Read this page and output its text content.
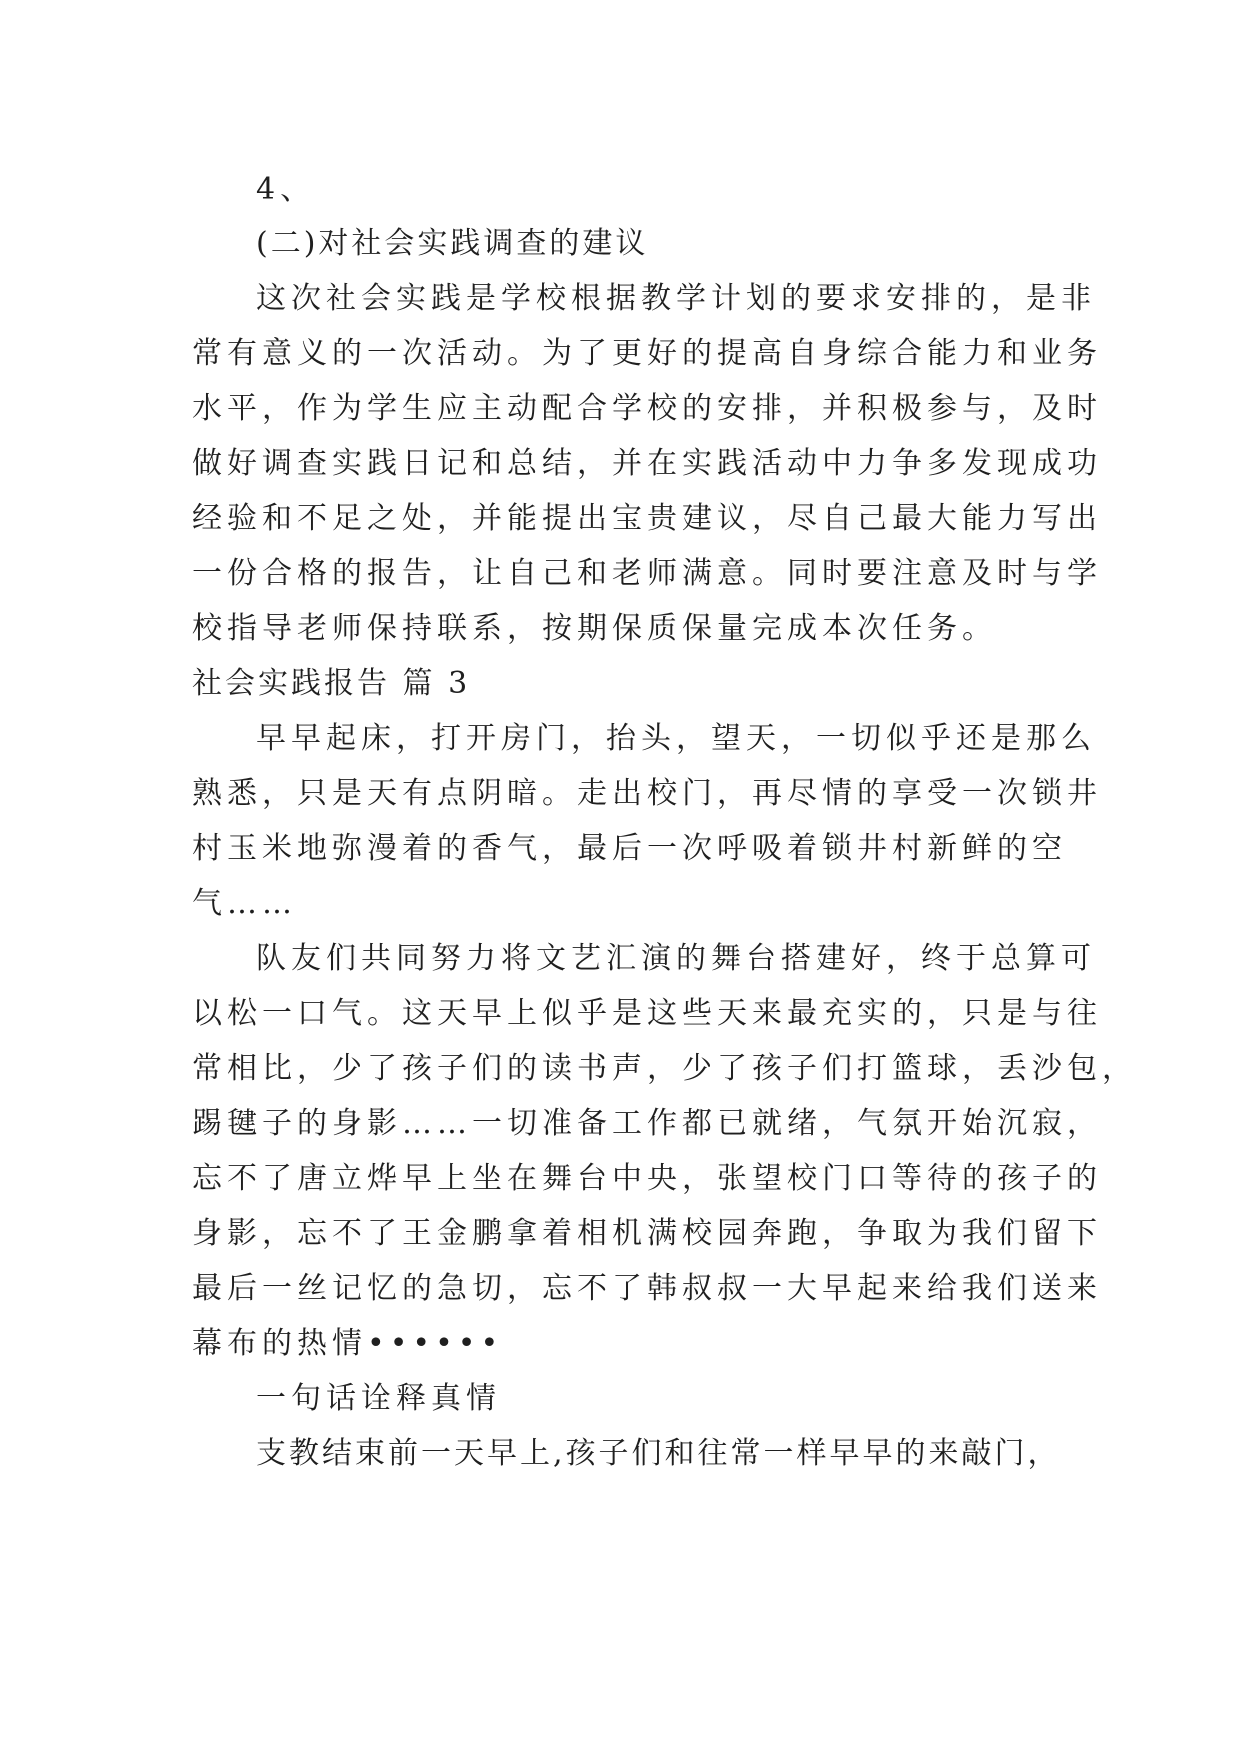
4、
(二)对社会实践调查的建议
这次社会实践是学校根据教学计划的要求安排的，是非
常有意义的一次活动。为了更好的提高自身综合能力和业务
水平，作为学生应主动配合学校的安排，并积极参与，及时
做好调查实践日记和总结，并在实践活动中力争多发现成功
经验和不足之处，并能提出宝贵建议，尽自己最大能力写出
一份合格的报告，让自己和老师满意。同时要注意及时与学
校指导老师保持联系，按期保质保量完成本次任务。
社会实践报告 篇 3
早早起床，打开房门，抬头，望天，一切似乎还是那么
熟悉，只是天有点阴暗。走出校门，再尽情的享受一次锁井
村玉米地弥漫着的香气，最后一次呼吸着锁井村新鲜的空
气……
队友们共同努力将文艺汇演的舞台搭建好，终于总算可
以松一口气。这天早上似乎是这些天来最充实的，只是与往
常相比，少了孩子们的读书声，少了孩子们打篮球，丢沙包，
踢毽子的身影……一切准备工作都已就绪，气氛开始沉寂，
忘不了唐立烨早上坐在舞台中央，张望校门口等待的孩子的
身影，忘不了王金鹏拿着相机满校园奔跑，争取为我们留下
最后一丝记忆的急切，忘不了韩叔叔一大早起来给我们送来
幕布的热情••••••
一句话诠释真情
支教结束前一天早上,孩子们和往常一样早早的来敲门，
